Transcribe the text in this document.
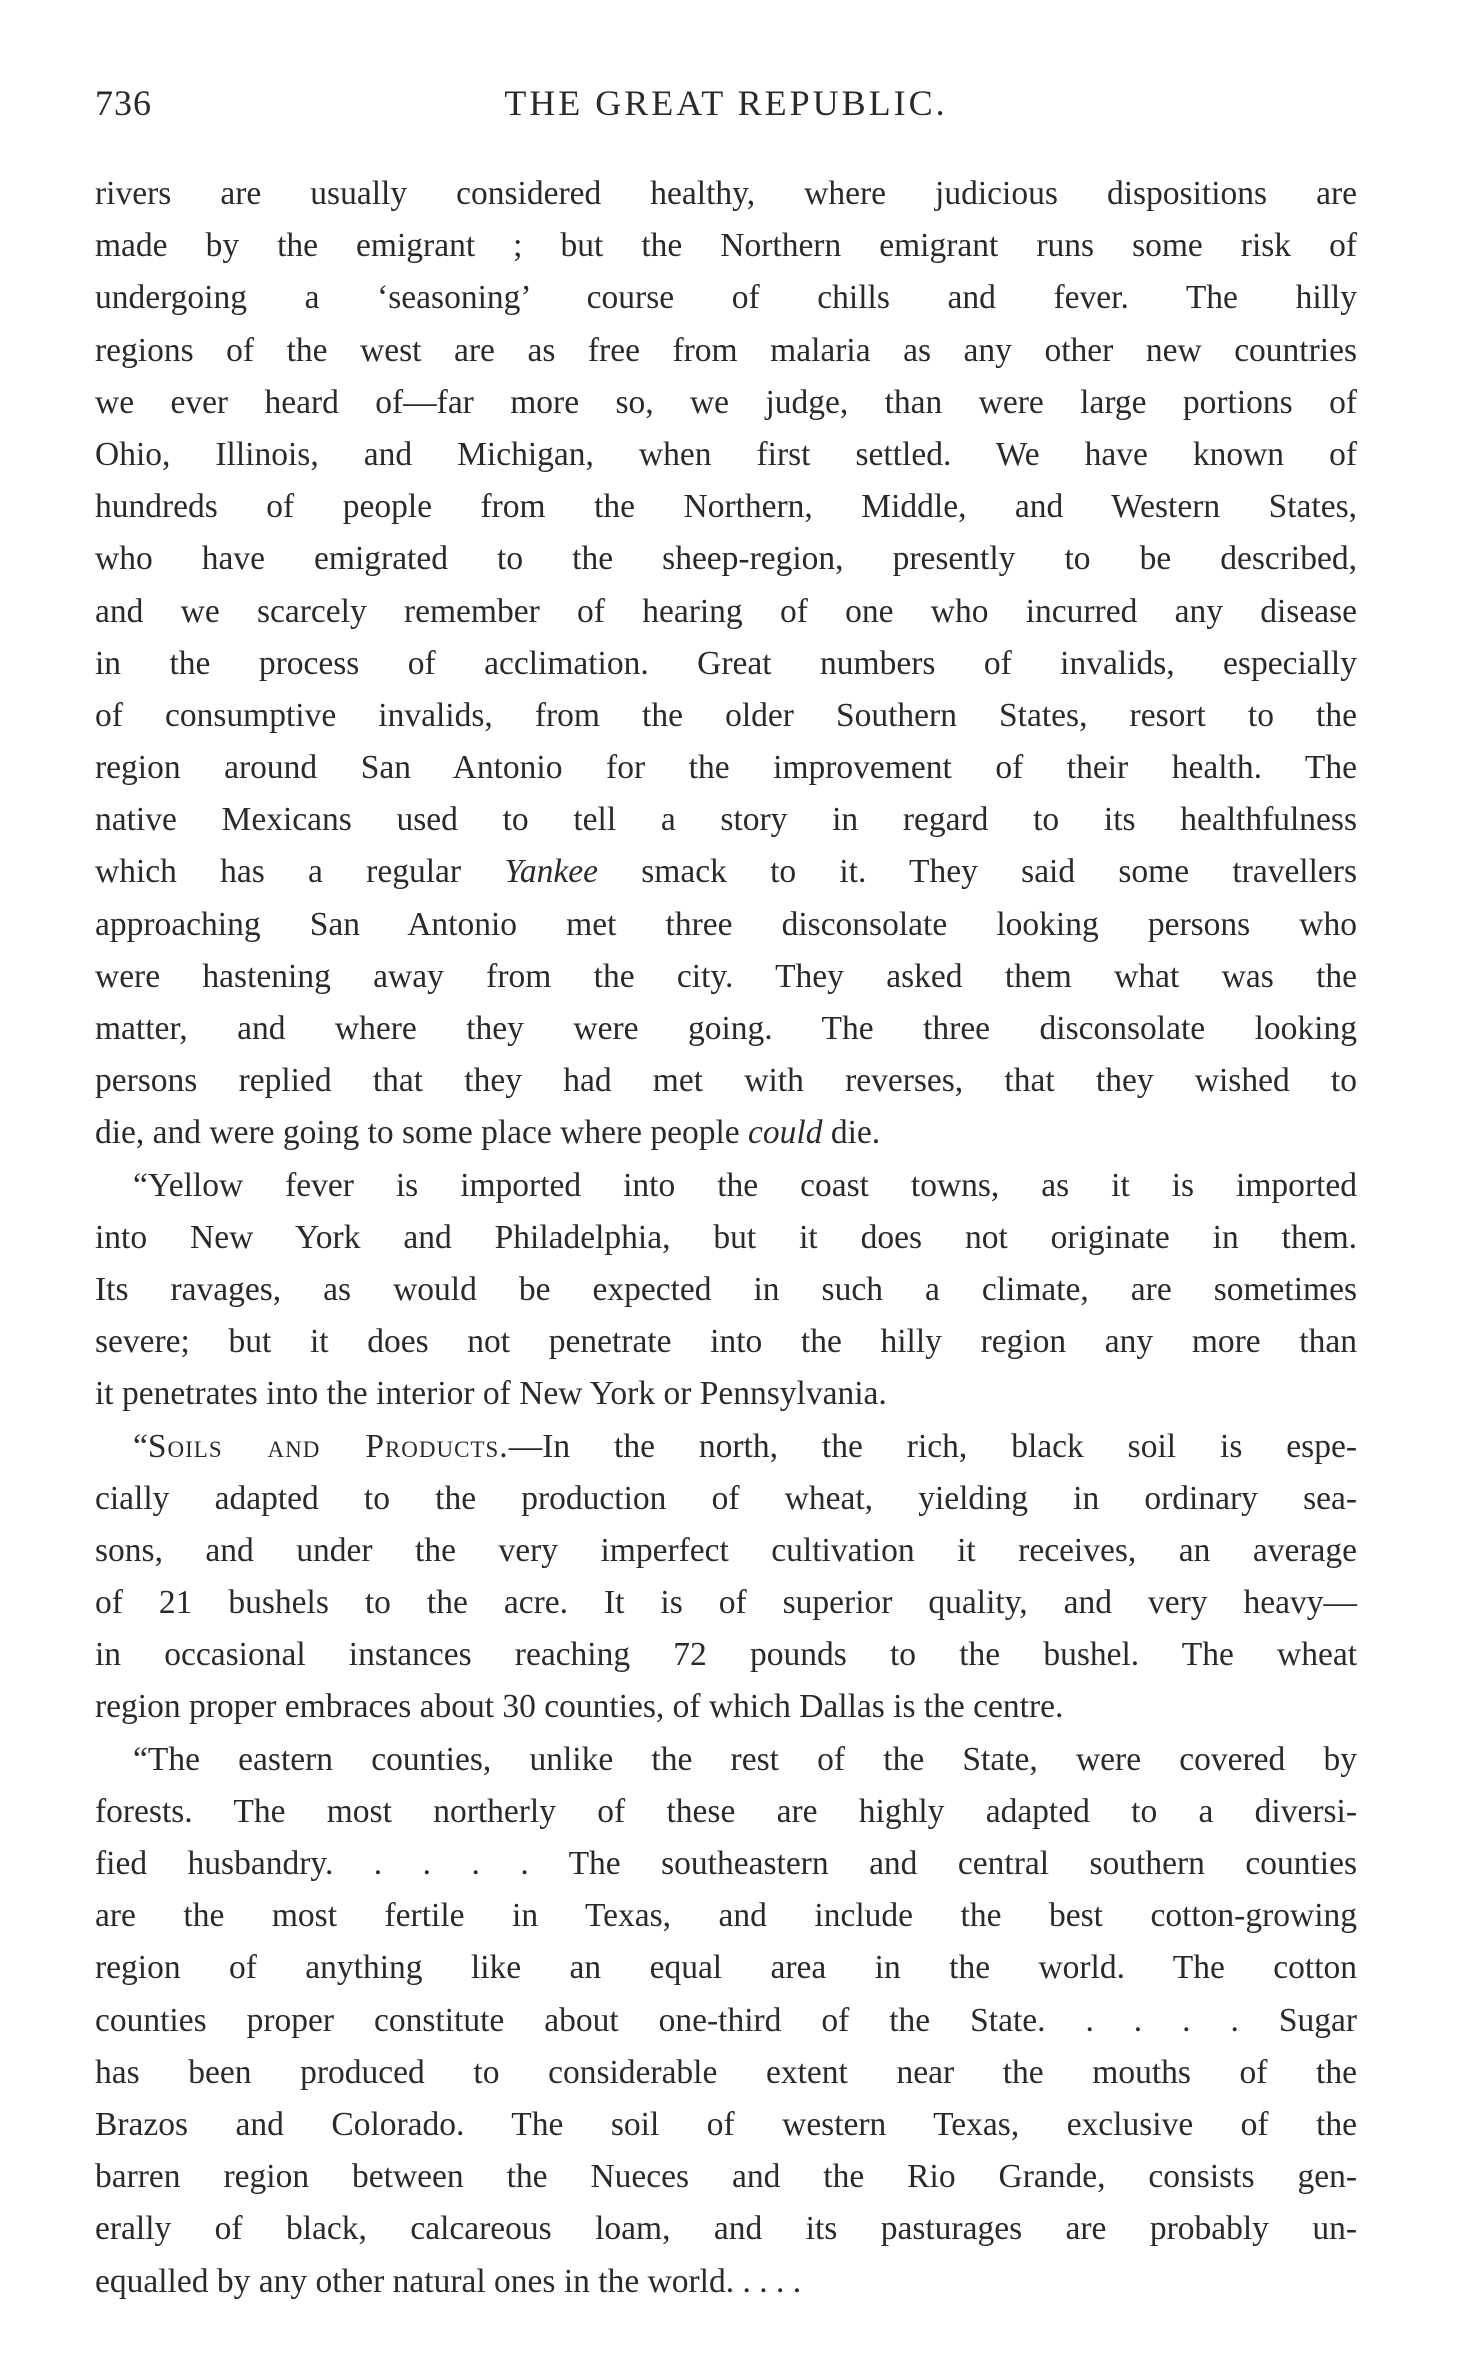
736	THE GREAT REPUBLIC.
rivers are usually considered healthy, where judicious dispositions are
made by the emigrant ; but the Northern emigrant runs some risk of
undergoing a ‘seasoning’ course of chills and fever. The hilly
regions of the west are as free from malaria as any other new countries
we ever heard of—far more so, we judge, than were large portions of
Ohio, Illinois, and Michigan, when first settled. We have known of
hundreds of people from the Northern, Middle, and Western States,
who have emigrated to the sheep-region, presently to be described,
and we scarcely remember of hearing of one who incurred any disease
in the process of acclimation. Great numbers of invalids, especially
of consumptive invalids, from the older Southern States, resort to the
region around San Antonio for the improvement of their health. The
native Mexicans used to tell a story in regard to its healthfulness
which has a regular Yankee smack to it. They said some travellers
approaching San Antonio met three disconsolate looking persons who
were hastening away from the city. They asked them what was the
matter, and where they were going. The three disconsolate looking
persons replied that they had met with reverses, that they wished to
die, and were going to some place where people could die.
“Yellow fever is imported into the coast towns, as it is imported
into New York and Philadelphia, but it does not originate in them.
Its ravages, as would be expected in such a climate, are sometimes
severe; but it does not penetrate into the hilly region any more than
it penetrates into the interior of New York or Pennsylvania.
“Soils and Products.—In the north, the rich, black soil is espe-
cially adapted to the production of wheat, yielding in ordinary sea-
sons, and under the very imperfect cultivation it receives, an average
of 21 bushels to the acre. It is of superior quality, and very heavy—
in occasional instances reaching 72 pounds to the bushel. The wheat
region proper embraces about 30 counties, of which Dallas is the centre.
“The eastern counties, unlike the rest of the State, were covered by
forests. The most northerly of these are highly adapted to a diversi-
fied husbandry. . . . . The southeastern and central southern counties
are the most fertile in Texas, and include the best cotton-growing
region of anything like an equal area in the world. The cotton
counties proper constitute about one-third of the State. . . . . Sugar
has been produced to considerable extent near the mouths of the
Brazos and Colorado. The soil of western Texas, exclusive of the
barren region between the Nueces and the Rio Grande, consists gen-
erally of black, calcareous loam, and its pasturages are probably un-
equalled by any other natural ones in the world. . . . .
